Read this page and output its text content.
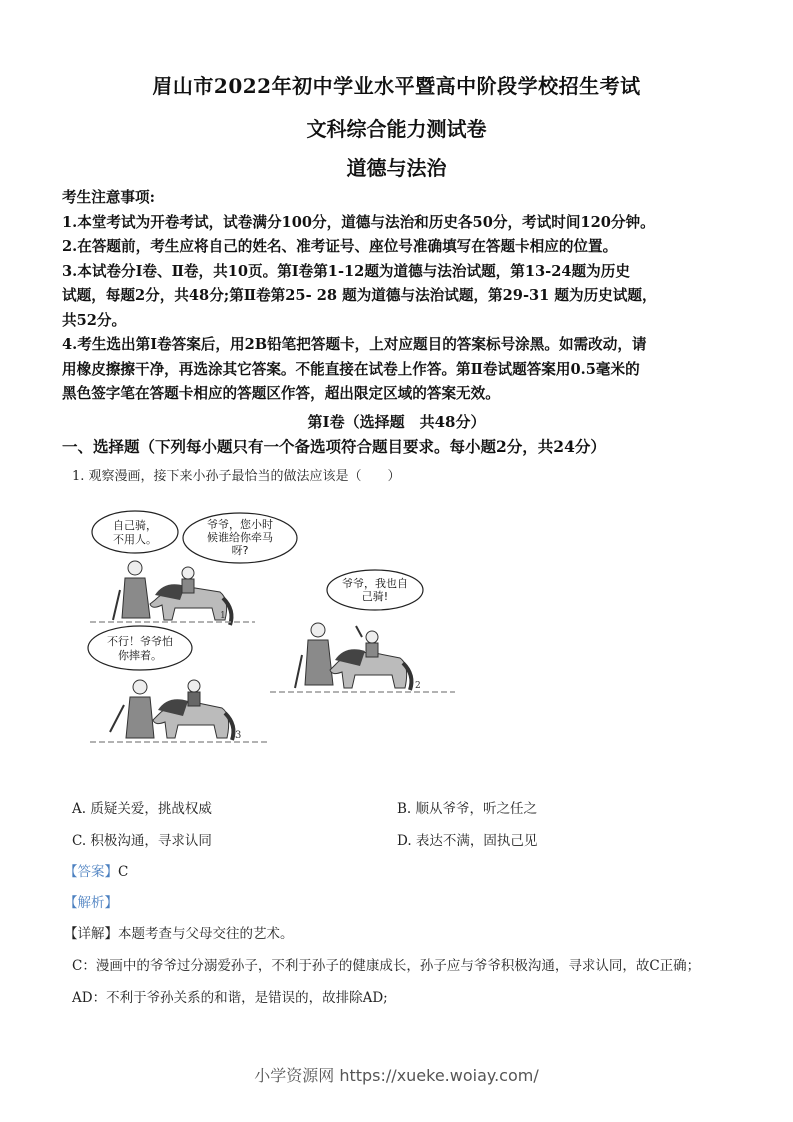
眉山市2022年初中学业水平暨高中阶段学校招生考试
文科综合能力测试卷
道德与法治
考生注意事项:
1.本堂考试为开卷考试，试卷满分100分，道德与法治和历史各50分，考试时间120分钟。
2.在答题前，考生应将自己的姓名、准考证号、座位号准确填写在答题卡相应的位置。
3.本试卷分Ⅰ卷、Ⅱ卷，共10页。第Ⅰ卷第1-12题为道德与法治试题，第13-24题为历史
试题，每题2分，共48分;第Ⅱ卷第25- 28 题为道德与法治试题，第29-31 题为历史试题，
共52分。
4.考生选出第Ⅰ卷答案后，用2B铅笔把答题卡，上对应题目的答案标号涂黑。如需改动，请
用橡皮擦擦干净，再选涂其它答案。不能直接在试卷上作答。第Ⅱ卷试题答案用0.5毫米的
黑色签字笔在答题卡相应的答题区作答，超出限定区域的答案无效。
第Ⅰ卷（选择题　共48分）
一、选择题（下列每小题只有一个备选项符合题目要求。每小题2分，共24分）
1. 观察漫画，接下来小孙子最恰当的做法应该是（　　）
自己骑，
不用人。
爷爷，您小时
候谁给你牵马
呀?
1
爷爷，我也自
己骑!
2
不行！爷爷怕
你摔着。
3
A. 质疑关爱，挑战权威	B. 顺从爷爷，听之任之
C. 积极沟通，寻求认同	D. 表达不满，固执己见
【答案】C
【解析】
【详解】本题考查与父母交往的艺术。
C：漫画中的爷爷过分溺爱孙子，不利于孙子的健康成长，孙子应与爷爷积极沟通，寻求认同，故C正确；
AD：不利于爷孙关系的和谐，是错误的，故排除AD;
小学资源网 https://xueke.woiay.com/
